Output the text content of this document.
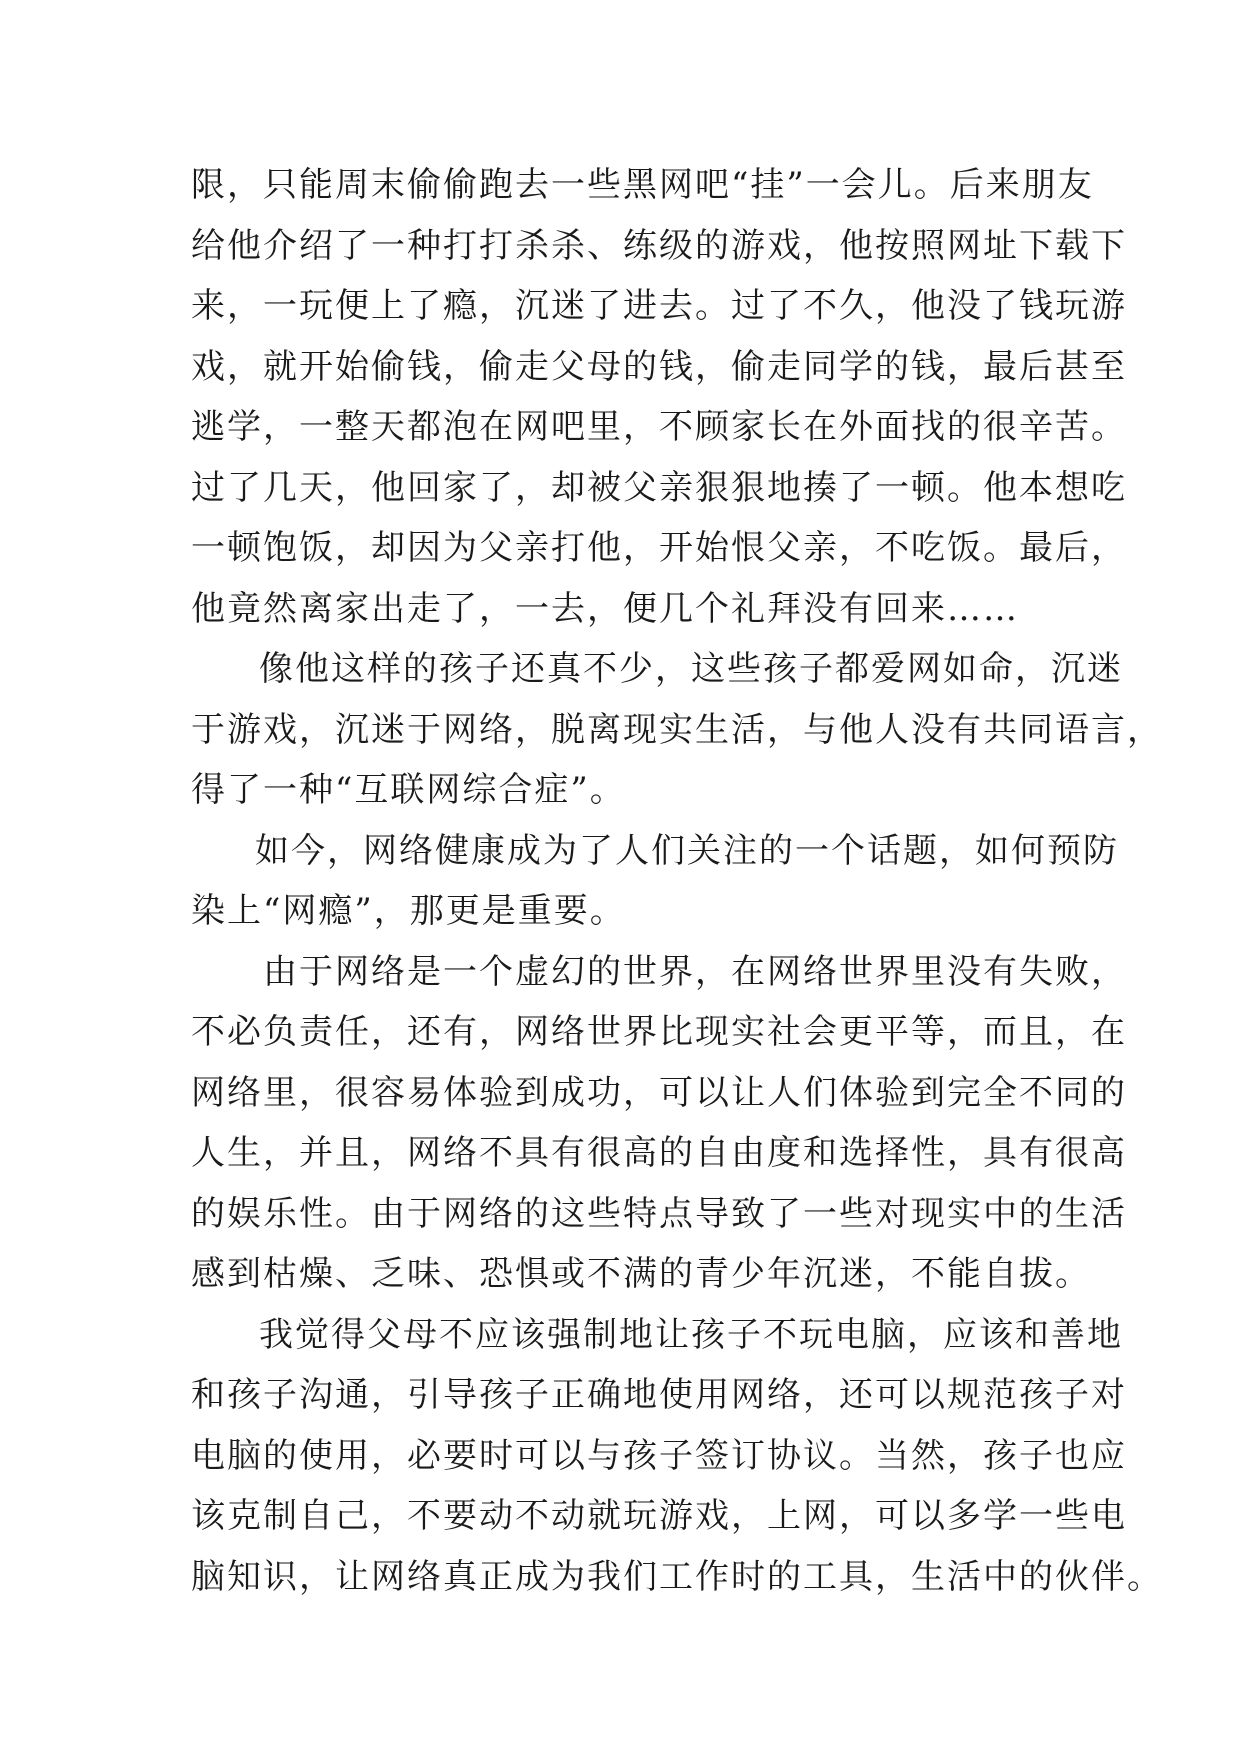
限，只能周末偷偷跑去一些黑网吧“挂”一会儿。后来朋友
给他介绍了一种打打杀杀、练级的游戏，他按照网址下载下
来，一玩便上了瘾，沉迷了进去。过了不久，他没了钱玩游
戏，就开始偷钱，偷走父母的钱，偷走同学的钱，最后甚至
逃学，一整天都泡在网吧里，不顾家长在外面找的很辛苦。
过了几天，他回家了，却被父亲狠狠地揍了一顿。他本想吃
一顿饱饭，却因为父亲打他，开始恨父亲，不吃饭。最后，
他竟然离家出走了，一去，便几个礼拜没有回来……
像他这样的孩子还真不少，这些孩子都爱网如命，沉迷
于游戏，沉迷于网络，脱离现实生活，与他人没有共同语言，
得了一种“互联网综合症”。
如今，网络健康成为了人们关注的一个话题，如何预防
染上“网瘾”，那更是重要。
由于网络是一个虚幻的世界，在网络世界里没有失败，
不必负责任，还有，网络世界比现实社会更平等，而且，在
网络里，很容易体验到成功，可以让人们体验到完全不同的
人生，并且，网络不具有很高的自由度和选择性，具有很高
的娱乐性。由于网络的这些特点导致了一些对现实中的生活
感到枯燥、乏味、恐惧或不满的青少年沉迷，不能自拔。
我觉得父母不应该强制地让孩子不玩电脑，应该和善地
和孩子沟通，引导孩子正确地使用网络，还可以规范孩子对
电脑的使用，必要时可以与孩子签订协议。当然，孩子也应
该克制自己，不要动不动就玩游戏，上网，可以多学一些电
脑知识，让网络真正成为我们工作时的工具，生活中的伙伴。
